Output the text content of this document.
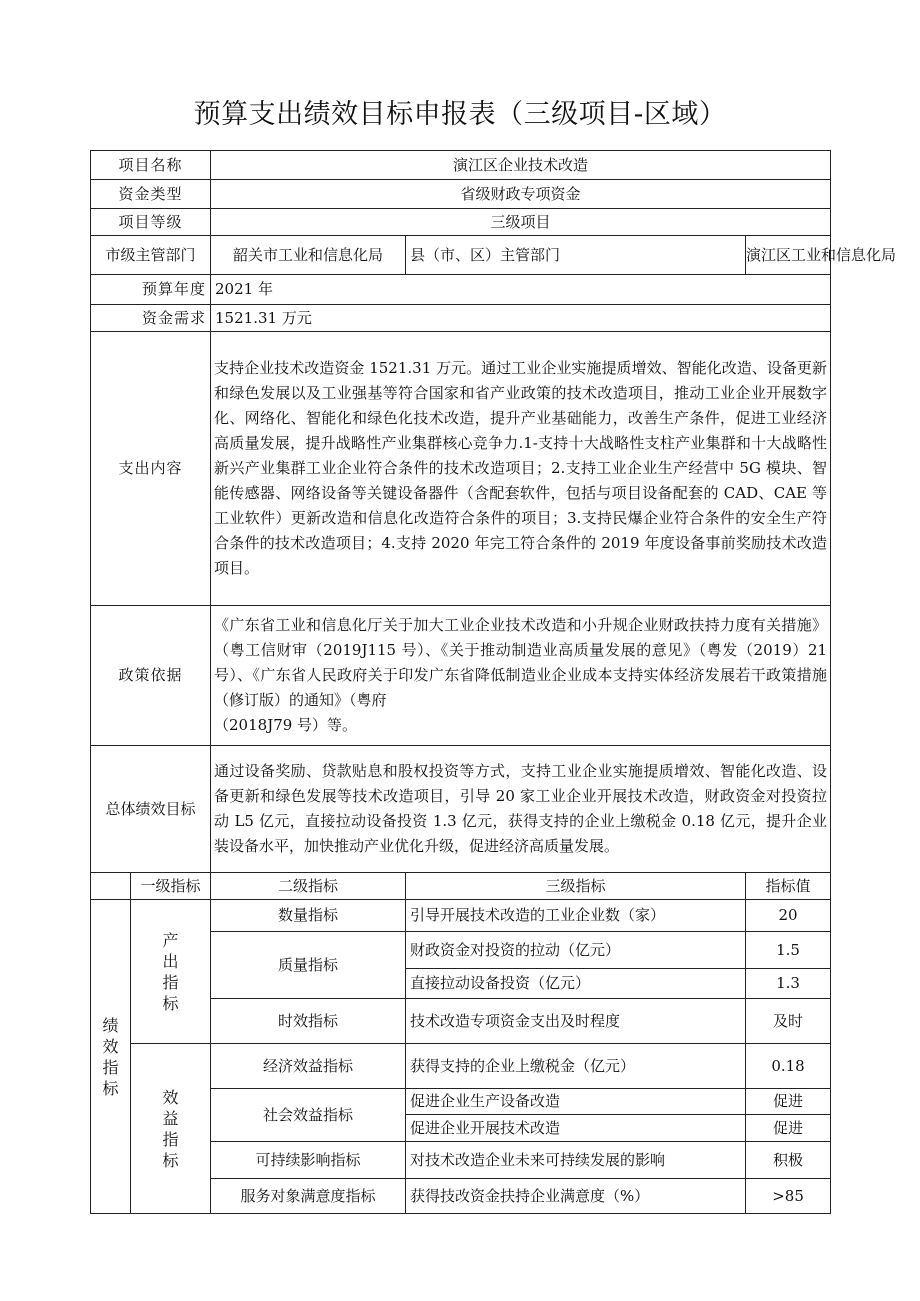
预算支出绩效目标申报表（三级项目-区域）
项目名称		演江区企业技术改造		
资金类型		省级财政专项资金		
项目等级		三级项目		
市级主管部门		韶关市工业和信息化局	县（市、区）主管部门	演江区工业和信息化局
预算年度		2021 年		
资金需求		1521.31 万元		
支出内容		支持企业技术改造资金 1521.31 万元。通过工业企业实施提质增效、智能化改造、设备更新和绿色发展以及工业强基等符合国家和省产业政策的技术改造项目，推动工业企业开展数字化、网络化、智能化和绿色化技术改造，提升产业基础能力，改善生产条件，促进工业经济高质量发展，提升战略性产业集群核心竞争力.1-支持十大战略性支柱产业集群和十大战略性新兴产业集群工业企业符合条件的技术改造项目；2.支持工业企业生产经营中 5G 模块、智能传感器、网络设备等关键设备器件（含配套软件，包括与项目设备配套的 CAD、CAE 等工业软件）更新改造和信息化改造符合条件的项目；3.支持民爆企业符合条件的安全生产符合条件的技术改造项目；4.支持 2020 年完工符合条件的 2019 年度设备事前奖励技术改造项目。		
政策依据		《广东省工业和信息化厅关于加大工业企业技术改造和小升规企业财政扶持力度有关措施》（粤工信财审（2019J115 号）、《关于推动制造业高质量发展的意见》（粤发（2019）21 号）、《广东省人民政府关于印发广东省降低制造业企业成本支持实体经济发展若干政策措施（修订版）的通知》（粤府
（2018J79 号）等。		

总体绩效目标		通过设备奖励、贷款贴息和股权投资等方式，支持工业企业实施提质增效、智能化改造、设备更新和绿色发展等技术改造项目，引导 20 家工业企业开展技术改造，财政资金对投资拉动 L5 亿元，直接拉动设备投资 1.3 亿元，获得支持的企业上缴税金 0.18 亿元，提升企业装设备水平，加快推动产业优化升级，促进经济高质量发展。		
	一级指标	二级指标	三级指标	指标值
绩效指标	产出指标	数量指标	引导开展技术改造的工业企业数（家）	20
		质量指标	财政资金对投资的拉动（亿元）	1.5
			直接拉动设备投资（亿元）	1.3
		时效指标	技术改造专项资金支出及时程度	及时
	效益指标	经济效益指标	获得支持的企业上缴税金（亿元）	0.18
		社会效益指标	促进企业生产设备改造	促进
			促进企业开展技术改造	促进
		可持续影响指标	对技术改造企业未来可持续发展的影响	积极
		服务对象满意度指标	获得技改资金扶持企业满意度（%）	>85
